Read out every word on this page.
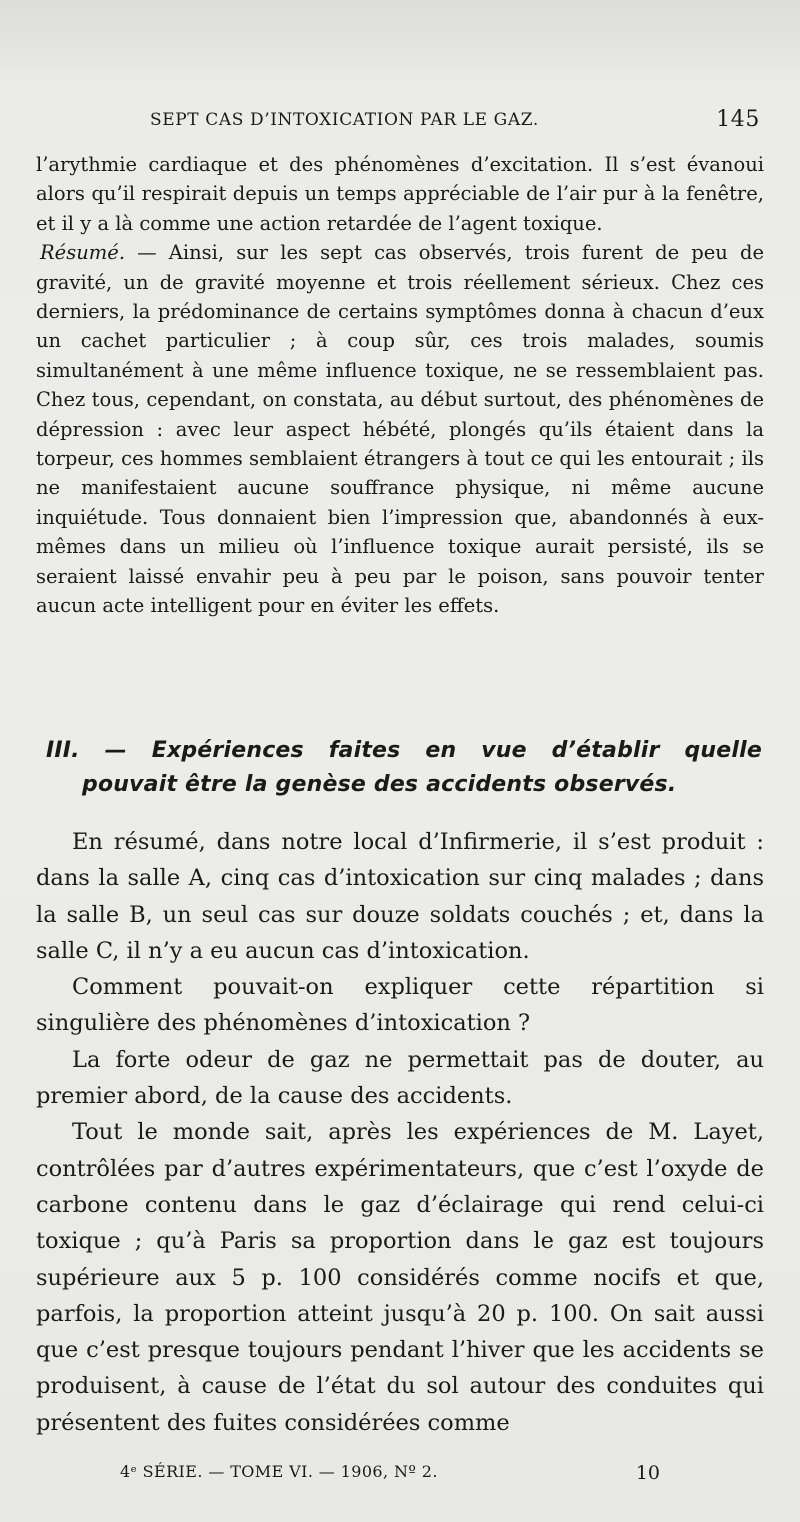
SEPT CAS D’INTOXICATION PAR LE GAZ.	145

l’arythmie cardiaque et des phénomènes d’excitation. Il s’est évanoui alors qu’il respirait depuis un temps appréciable de l’air pur à la fenêtre, et il y a là comme une action retardée de l’agent toxique.

Résumé. — Ainsi, sur les sept cas observés, trois furent de peu de gravité, un de gravité moyenne et trois réellement sérieux. Chez ces derniers, la prédominance de certains symptômes donna à chacun d’eux un cachet particulier ; à coup sûr, ces trois malades, soumis simultanément à une même influence toxique, ne se ressemblaient pas. Chez tous, cependant, on constata, au début surtout, des phénomènes de dépression : avec leur aspect hébété, plongés qu’ils étaient dans la torpeur, ces hommes semblaient étrangers à tout ce qui les entourait ; ils ne manifestaient aucune souffrance physique, ni même aucune inquiétude. Tous donnaient bien l’impression que, abandonnés à eux-mêmes dans un milieu où l’influence toxique aurait persisté, ils se seraient laissé envahir peu à peu par le poison, sans pouvoir tenter aucun acte intelligent pour en éviter les effets.

III. — Expériences faites en vue d’établir quelle
pouvait être la genèse des accidents observés.

En résumé, dans notre local d’Infirmerie, il s’est produit : dans la salle A, cinq cas d’intoxication sur cinq malades ; dans la salle B, un seul cas sur douze soldats couchés ; et, dans la salle C, il n’y a eu aucun cas d’intoxication.

Comment pouvait-on expliquer cette répartition si singulière des phénomènes d’intoxication ?

La forte odeur de gaz ne permettait pas de douter, au premier abord, de la cause des accidents.

Tout le monde sait, après les expériences de M. Layet, contrôlées par d’autres expérimentateurs, que c’est l’oxyde de carbone contenu dans le gaz d’éclairage qui rend celui-ci toxique ; qu’à Paris sa proportion dans le gaz est toujours supérieure aux 5 p. 100 considérés comme nocifs et que, parfois, la proportion atteint jusqu’à 20 p. 100. On sait aussi que c’est presque toujours pendant l’hiver que les accidents se produisent, à cause de l’état du sol autour des conduites qui présentent des fuites considérées comme

4ᵉ SÉRIE. — TOME VI. — 1906, Nº 2.	10
